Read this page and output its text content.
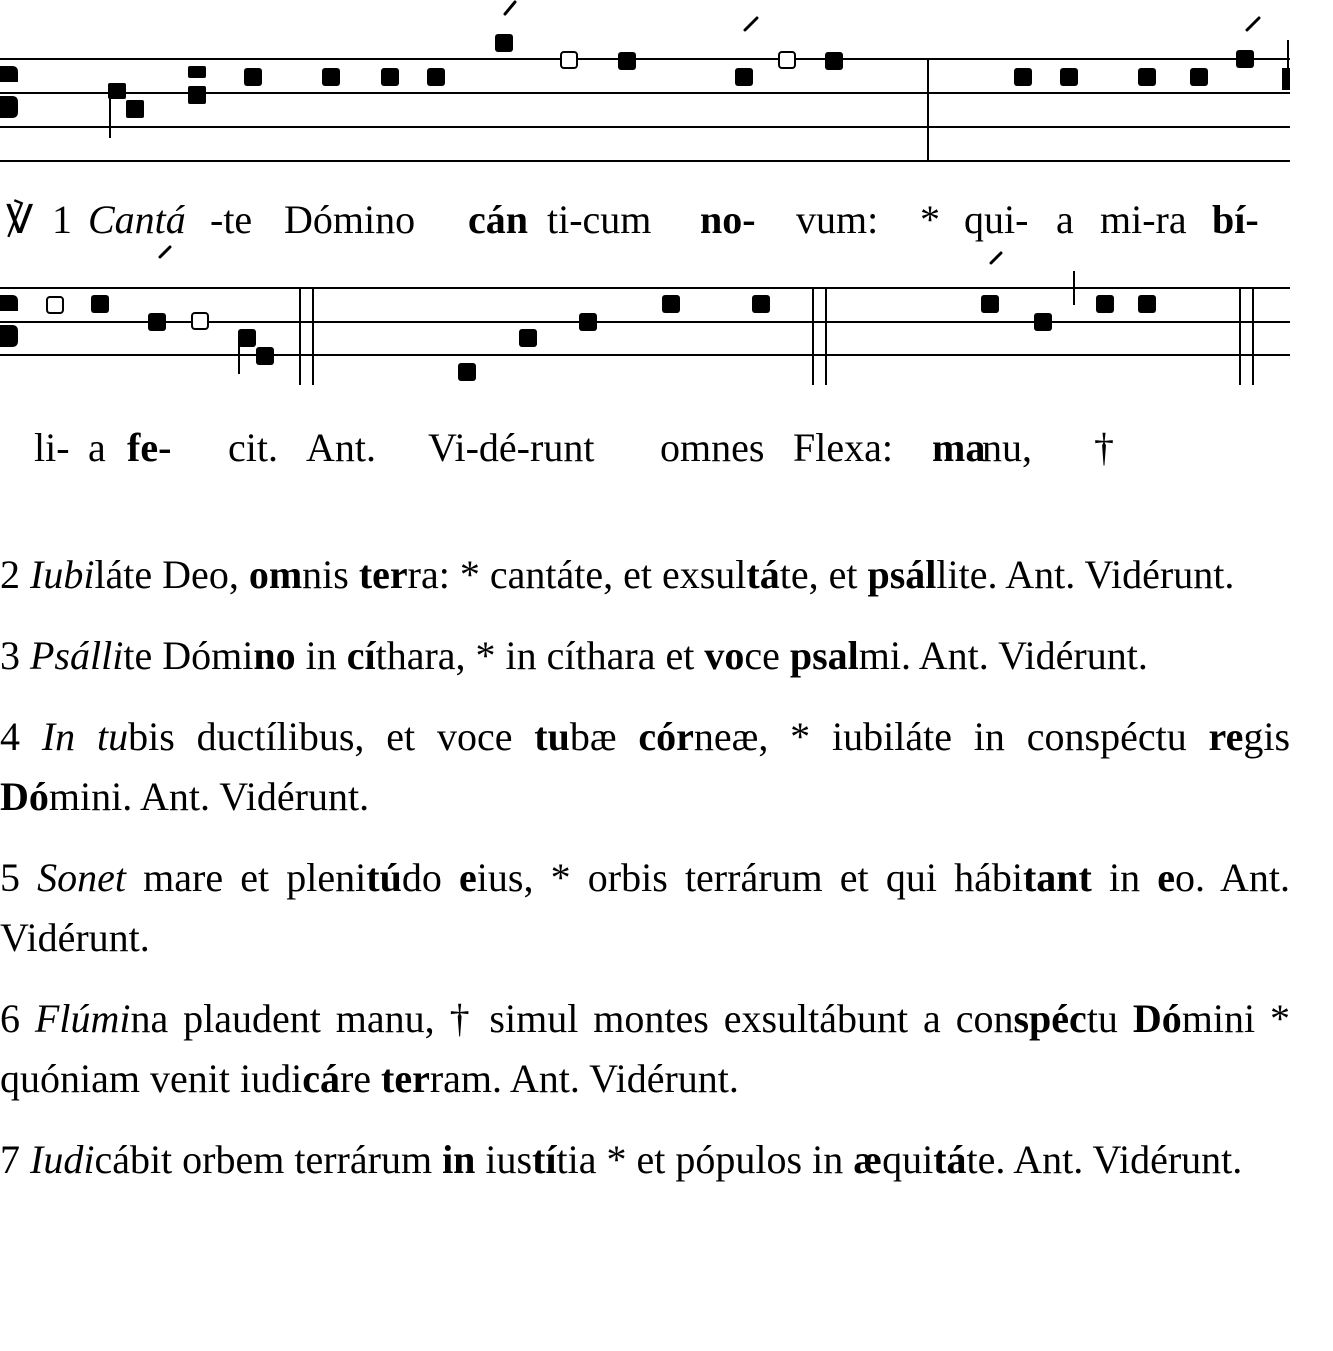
℣ 1 Cantá -te Dómino cán ti-cum no- vum: * qui- a mi-ra bí-
li- a fe- cit. Ant. Vi-dé-runt omnes Flexa: ma
nu, †
2 Iubiláte Deo, omnis terra: * cantáte, et exsultáte, et psállite. Ant. Vidérunt.
3 Psállite Dómino in cíthara, * in cíthara et voce psalmi. Ant. Vidérunt.
4 In tubis ductílibus, et voce tubæ córneæ, * iubiláte in conspéctu regis Dómini. Ant. Vidérunt.
5 Sonet mare et plenitúdo eius, * orbis terrárum et qui hábitant in eo. Ant. Vidérunt.
6 Flúmina plaudent manu, † simul montes exsultábunt a conspéctu Dómini * quóniam venit iudicáre terram. Ant. Vidérunt.
7 Iudicábit orbem terrárum in iustítia * et pópulos in æquitáte. Ant. Vidérunt.
